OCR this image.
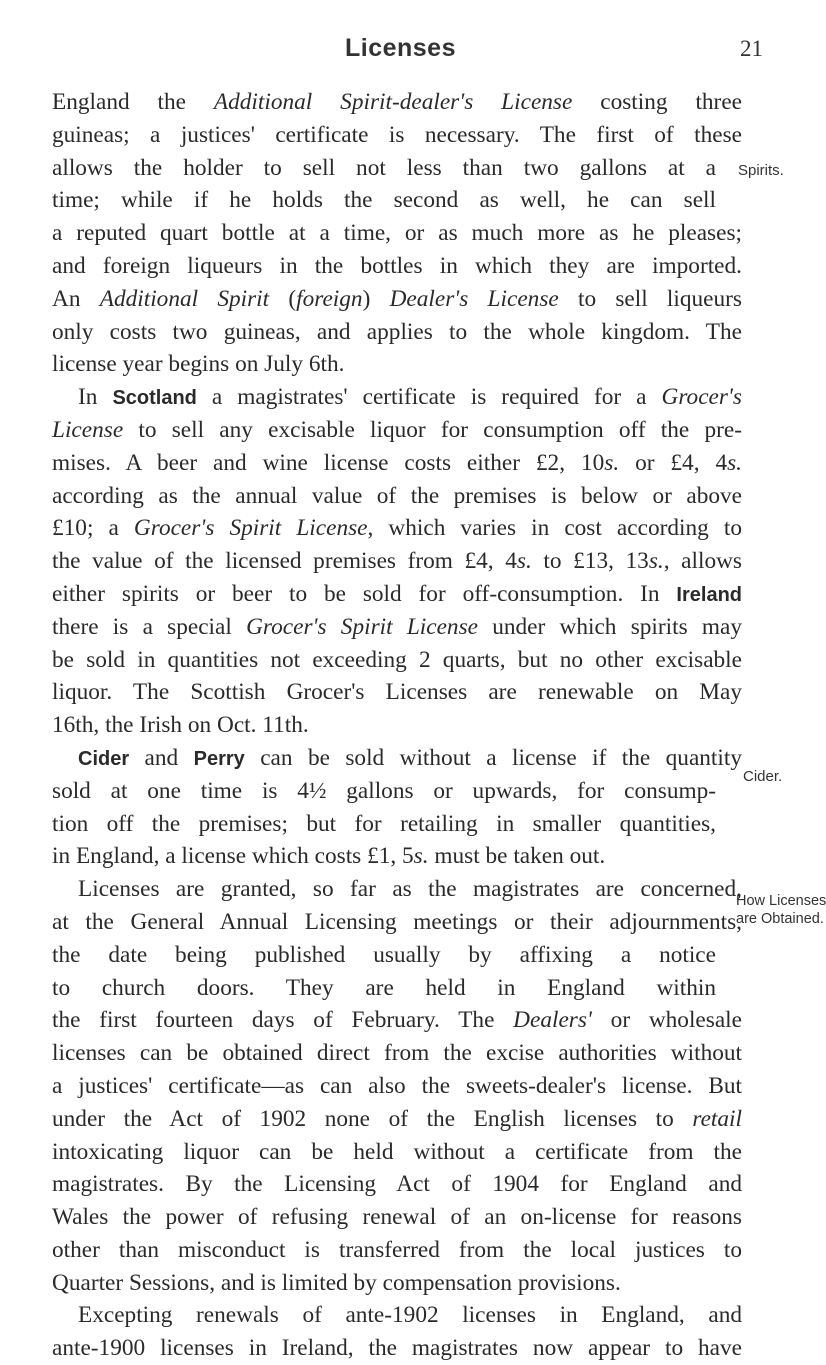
Licenses	21
Spirits.
Cider.
How Licenses
are Obtained.
England the Additional Spirit-dealer's License costing three
guineas; a justices' certificate is necessary. The first of these
allows the holder to sell not less than two gallons at a
time; while if he holds the second as well, he can sell
a reputed quart bottle at a time, or as much more as he pleases;
and foreign liqueurs in the bottles in which they are imported.
An Additional Spirit (foreign) Dealer's License to sell liqueurs
only costs two guineas, and applies to the whole kingdom. The
license year begins on July 6th.
In Scotland a magistrates' certificate is required for a Grocer's
License to sell any excisable liquor for consumption off the pre-
mises. A beer and wine license costs either £2, 10s. or £4, 4s.
according as the annual value of the premises is below or above
£10; a Grocer's Spirit License, which varies in cost according to
the value of the licensed premises from £4, 4s. to £13, 13s., allows
either spirits or beer to be sold for off-consumption. In Ireland
there is a special Grocer's Spirit License under which spirits may
be sold in quantities not exceeding 2 quarts, but no other excisable
liquor. The Scottish Grocer's Licenses are renewable on May
16th, the Irish on Oct. 11th.
Cider and Perry can be sold without a license if the quantity
sold at one time is 4½ gallons or upwards, for consump-
tion off the premises; but for retailing in smaller quantities,
in England, a license which costs £1, 5s. must be taken out.
Licenses are granted, so far as the magistrates are concerned,
at the General Annual Licensing meetings or their adjournments,
the date being published usually by affixing a notice
to church doors. They are held in England within
the first fourteen days of February. The Dealers' or wholesale
licenses can be obtained direct from the excise authorities without
a justices' certificate—as can also the sweets-dealer's license. But
under the Act of 1902 none of the English licenses to retail
intoxicating liquor can be held without a certificate from the
magistrates. By the Licensing Act of 1904 for England and
Wales the power of refusing renewal of an on-license for reasons
other than misconduct is transferred from the local justices to
Quarter Sessions, and is limited by compensation provisions.
Excepting renewals of ante-1902 licenses in England, and
ante-1900 licenses in Ireland, the magistrates now appear to have
